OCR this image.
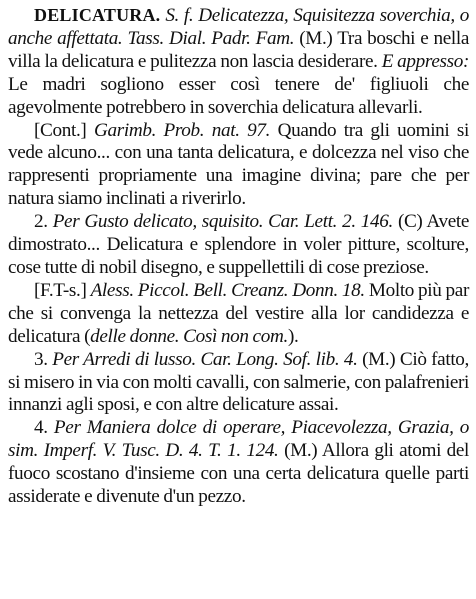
DELICATURA. S. f. Delicatezza, Squisitezza soverchia, o anche affettata. Tass. Dial. Padr. Fam. (M.) Tra boschi e nella villa la delicatura e pulitezza non lascia desiderare. E appresso: Le madri sogliono esser così tenere de' figliuoli che agevolmente potrebbero in soverchia delicatura allevarli.

[Cont.] Garimb. Prob. nat. 97. Quando tra gli uomini si vede alcuno... con una tanta delicatura, e dolcezza nel viso che rappresenti propriamente una imagine divina; pare che per natura siamo inclinati a riverirlo.

2. Per Gusto delicato, squisito. Car. Lett. 2. 146. (C) Avete dimostrato... Delicatura e splendore in voler pitture, scolture, cose tutte di nobil disegno, e suppellettili di cose preziose.

[F.T-s.] Aless. Piccol. Bell. Creanz. Donn. 18. Molto più par che si convenga la nettezza del vestire alla lor candidezza e delicatura (delle donne. Così non com.).

3. Per Arredi di lusso. Car. Long. Sof. lib. 4. (M.) Ciò fatto, si misero in via con molti cavalli, con salmerie, con palafrenieri innanzi agli sposi, e con altre delicature assai.

4. Per Maniera dolce di operare, Piacevolezza, Grazia, o sim. Imperf. V. Tusc. D. 4. T. 1. 124. (M.) Allora gli atomi del fuoco scostano d'insieme con una certa delicatura quelle parti assiderate e divenute d'un pezzo.
